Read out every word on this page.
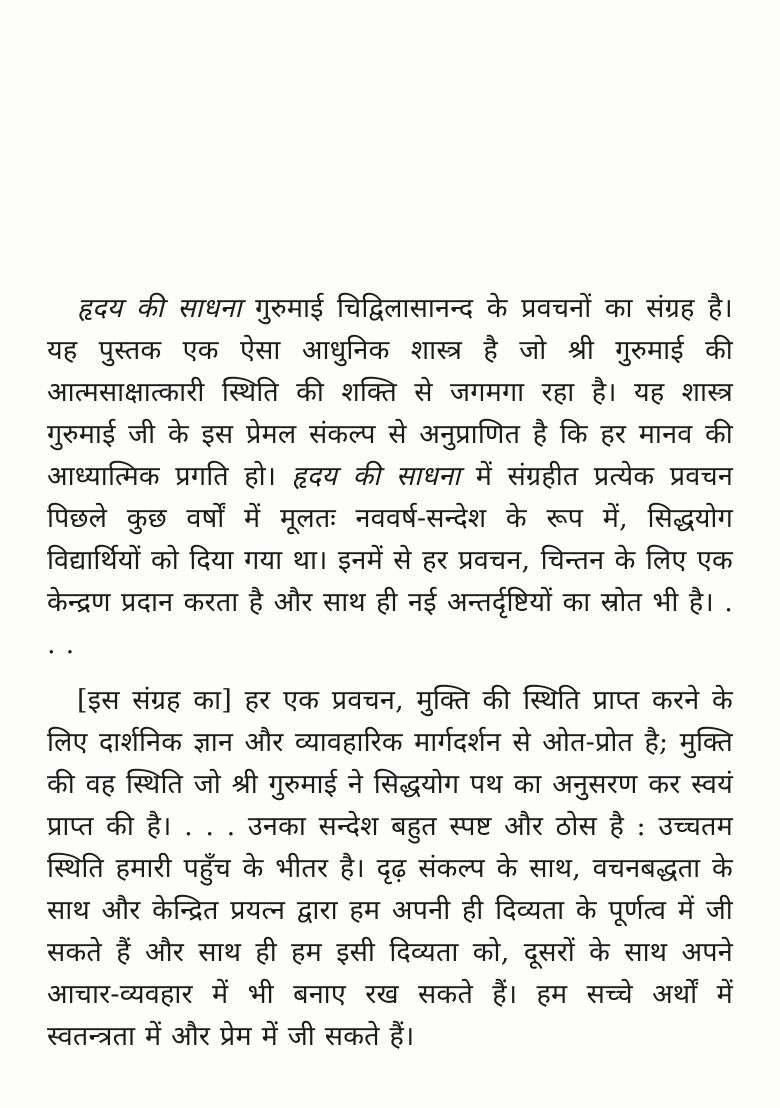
हृदय की साधना गुरुमाई चिद्विलासानन्द के प्रवचनों का संग्रह है। यह पुस्तक एक ऐसा आधुनिक शास्त्र है जो श्री गुरुमाई की आत्मसाक्षात्कारी स्थिति की शक्ति से जगमगा रहा है। यह शास्त्र गुरुमाई जी के इस प्रेमल संकल्प से अनुप्राणित है कि हर मानव की आध्यात्मिक प्रगति हो। हृदय की साधना में संग्रहीत प्रत्येक प्रवचन पिछले कुछ वर्षों में मूलतः नववर्ष-सन्देश के रूप में, सिद्धयोग विद्यार्थियों को दिया गया था। इनमें से हर प्रवचन, चिन्तन के लिए एक केन्द्रण प्रदान करता है और साथ ही नई अन्तर्दृष्टियों का स्रोत भी है। . . .

[इस संग्रह का] हर एक प्रवचन, मुक्ति की स्थिति प्राप्त करने के लिए दार्शनिक ज्ञान और व्यावहारिक मार्गदर्शन से ओत-प्रोत है; मुक्ति की वह स्थिति जो श्री गुरुमाई ने सिद्धयोग पथ का अनुसरण कर स्वयं प्राप्त की है। . . . उनका सन्देश बहुत स्पष्ट और ठोस है : उच्चतम स्थिति हमारी पहुँच के भीतर है। दृढ़ संकल्प के साथ, वचनबद्धता के साथ और केन्द्रित प्रयत्न द्वारा हम अपनी ही दिव्यता के पूर्णत्व में जी सकते हैं और साथ ही हम इसी दिव्यता को, दूसरों के साथ अपने आचार-व्यवहार में भी बनाए रख सकते हैं। हम सच्चे अर्थों में स्वतन्त्रता में और प्रेम में जी सकते हैं।
